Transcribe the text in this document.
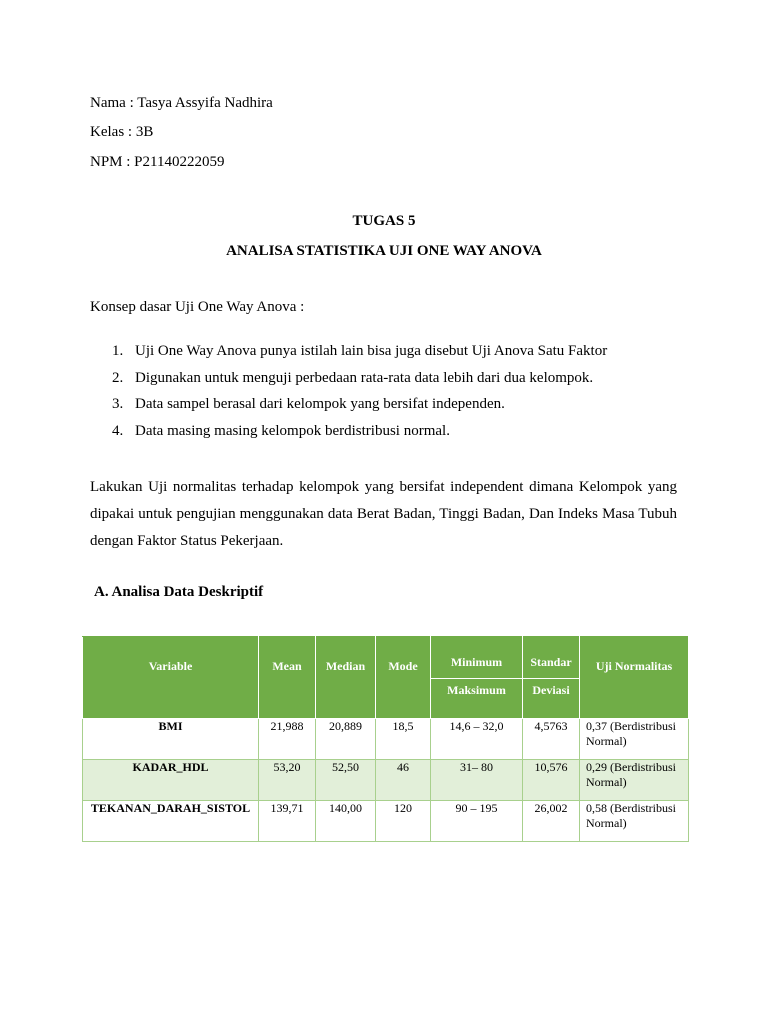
Nama : Tasya Assyifa Nadhira
Kelas : 3B
NPM : P21140222059
TUGAS 5
ANALISA STATISTIKA UJI ONE WAY ANOVA
Konsep dasar Uji One Way Anova :
1. Uji One Way Anova punya istilah lain bisa juga disebut Uji Anova Satu Faktor
2. Digunakan untuk menguji perbedaan rata-rata data lebih dari dua kelompok.
3. Data sampel berasal dari kelompok yang bersifat independen.
4. Data masing masing kelompok berdistribusi normal.
Lakukan Uji normalitas terhadap kelompok yang bersifat independent dimana Kelompok yang dipakai untuk pengujian menggunakan data Berat Badan, Tinggi Badan, Dan Indeks Masa Tubuh dengan Faktor Status Pekerjaan.
A. Analisa Data Deskriptif
Variable	Mean	Median	Mode	Minimum	Standar	Uji Normalitas
				Maksimum	Deviasi	
BMI	21,988	20,889	18,5	14,6 – 32,0	4,5763	0,37 (Berdistribusi
Normal)

KADAR_HDL	53,20	52,50	46	31– 80	10,576	0,29 (Berdistribusi
Normal)

TEKANAN_DARAH_SISTOL	139,71	140,00	120	90 – 195	26,002	0,58 (Berdistribusi
Normal)
